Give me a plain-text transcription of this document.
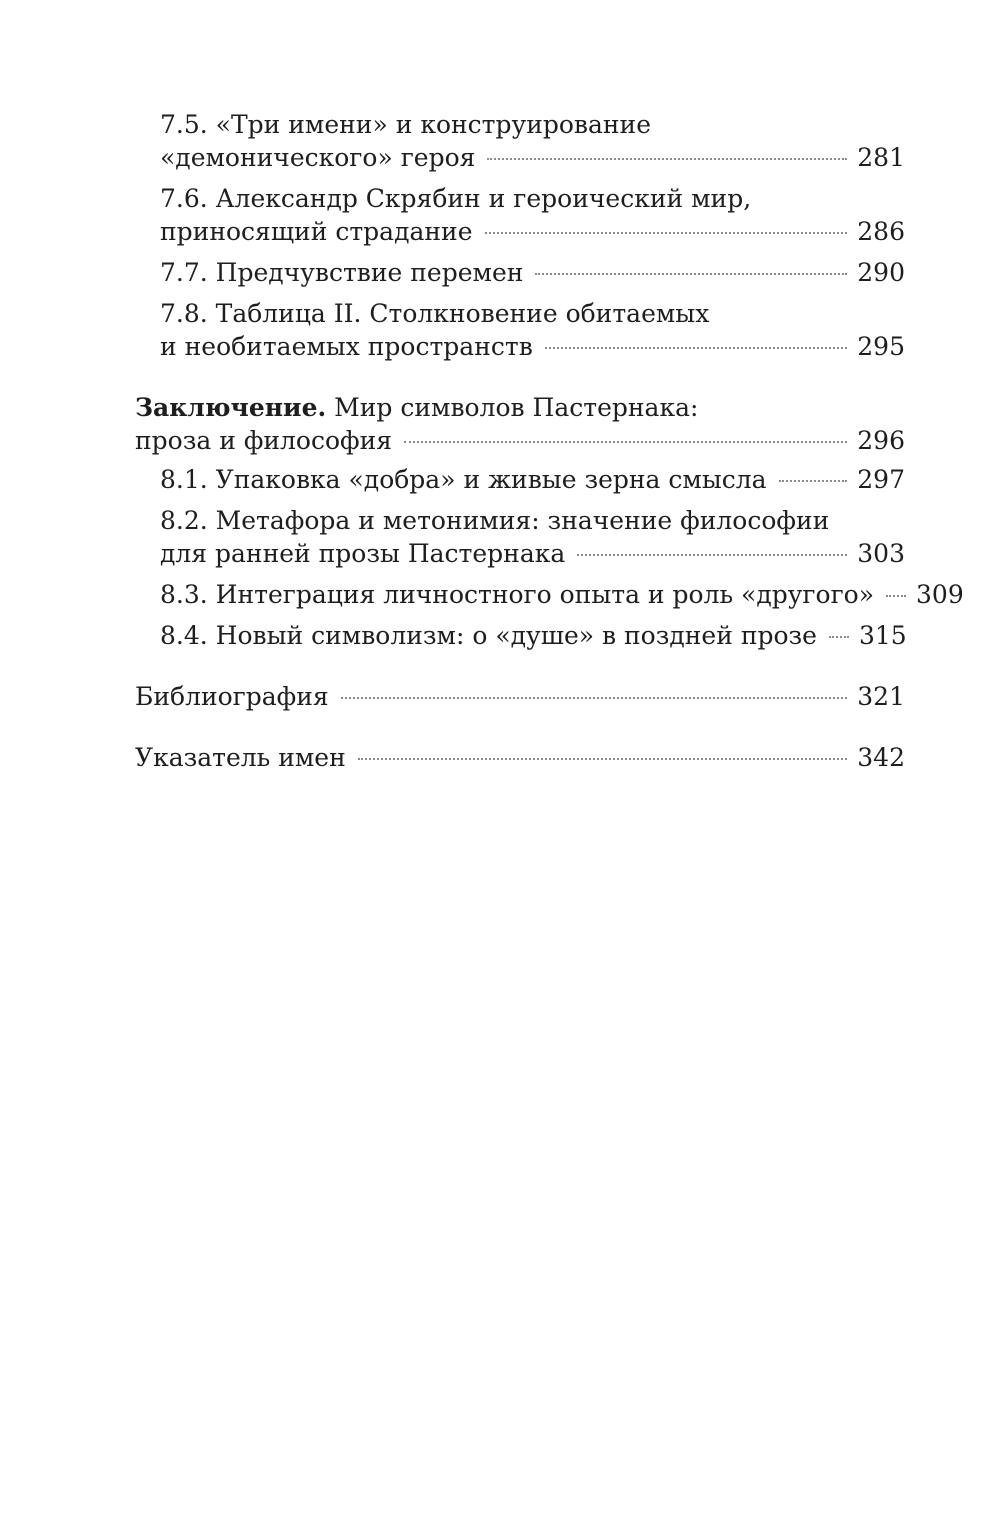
7.5. «Три имени» и конструирование
«демонического» героя	281
7.6. Александр Скрябин и героический мир,
приносящий страдание	286
7.7. Предчувствие перемен	290
7.8. Таблица II. Столкновение обитаемых
и необитаемых пространств	295
Заключение. Мир символов Пастернака:
проза и философия	296
8.1. Упаковка «добра» и живые зерна смысла	297
8.2. Метафора и метонимия: значение философии
для ранней прозы Пастернака	303
8.3. Интеграция личностного опыта и роль «другого» 309
8.4. Новый символизм: о «душе» в поздней прозе 315
Библиография	321
Указатель имен	342
